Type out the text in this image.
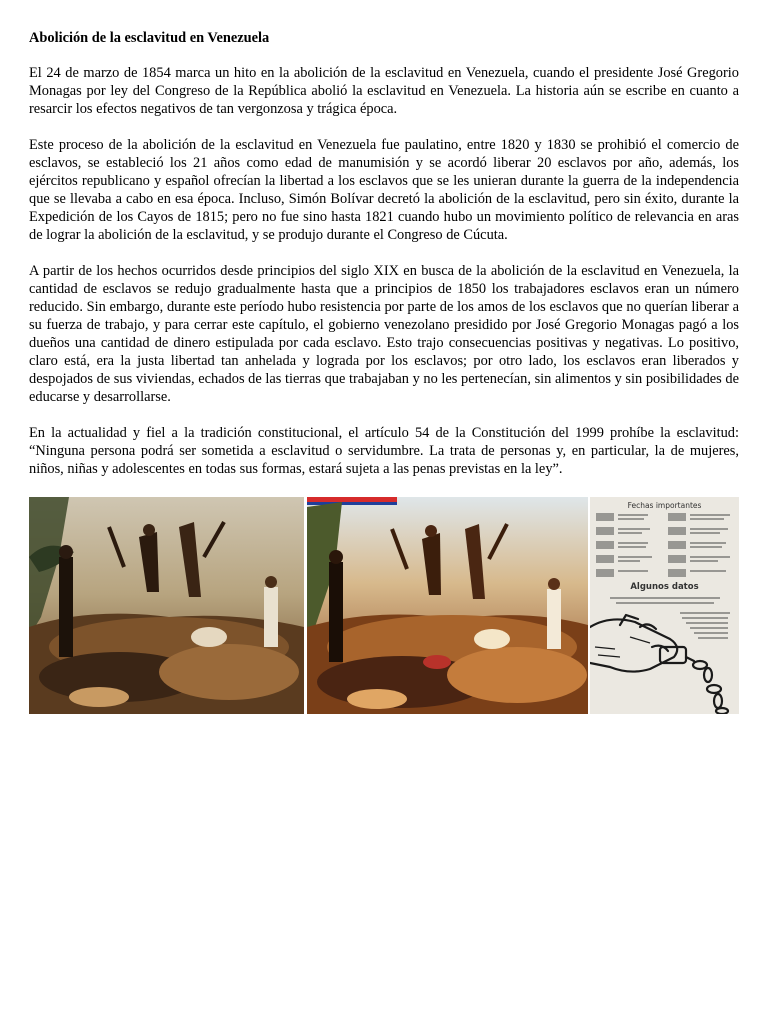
Abolición de la esclavitud en Venezuela

El 24 de marzo de 1854 marca un hito en la abolición de la esclavitud en Venezuela, cuando el presidente José Gregorio Monagas por ley del Congreso de la República abolió la esclavitud en Venezuela. La historia aún se escribe en cuanto a resarcir los efectos negativos de tan vergonzosa y trágica época.

Este proceso de la abolición de la esclavitud en Venezuela fue paulatino, entre 1820 y 1830 se prohibió el comercio de esclavos, se estableció los 21 años como edad de manumisión y se acordó liberar 20 esclavos por año, además, los ejércitos republicano y español ofrecían la libertad a los esclavos que se les unieran durante la guerra de la independencia que se llevaba a cabo en esa época. Incluso, Simón Bolívar decretó la abolición de la esclavitud, pero sin éxito, durante la Expedición de los Cayos de 1815; pero no fue sino hasta 1821 cuando hubo un movimiento político de relevancia en aras de lograr la abolición de la esclavitud, y se produjo durante el Congreso de Cúcuta.

A partir de los hechos ocurridos desde principios del siglo XIX en busca de la abolición de la esclavitud en Venezuela, la cantidad de esclavos se redujo gradualmente hasta que a principios de 1850 los trabajadores esclavos eran un número reducido. Sin embargo, durante este período hubo resistencia por parte de los amos de los esclavos que no querían liberar a su fuerza de trabajo, y para cerrar este capítulo, el gobierno venezolano presidido por José Gregorio Monagas pagó a los dueños una cantidad de dinero estipulada por cada esclavo. Esto trajo consecuencias positivas y negativas. Lo positivo, claro está, era la justa libertad tan anhelada y lograda por los esclavos; por otro lado, los esclavos eran liberados y despojados de sus viviendas, echados de las tierras que trabajaban y no les pertenecían, sin alimentos y sin posibilidades de educarse y desarrollarse.

En la actualidad y fiel a la tradición constitucional, el artículo 54 de la Constitución del 1999 prohíbe la esclavitud: “Ninguna persona podrá ser sometida a esclavitud o servidumbre. La trata de personas y, en particular, la de mujeres, niños, niñas y adolescentes en todas sus formas, estará sujeta a las penas previstas en la ley”.

Fechas importantes
Algunos datos
